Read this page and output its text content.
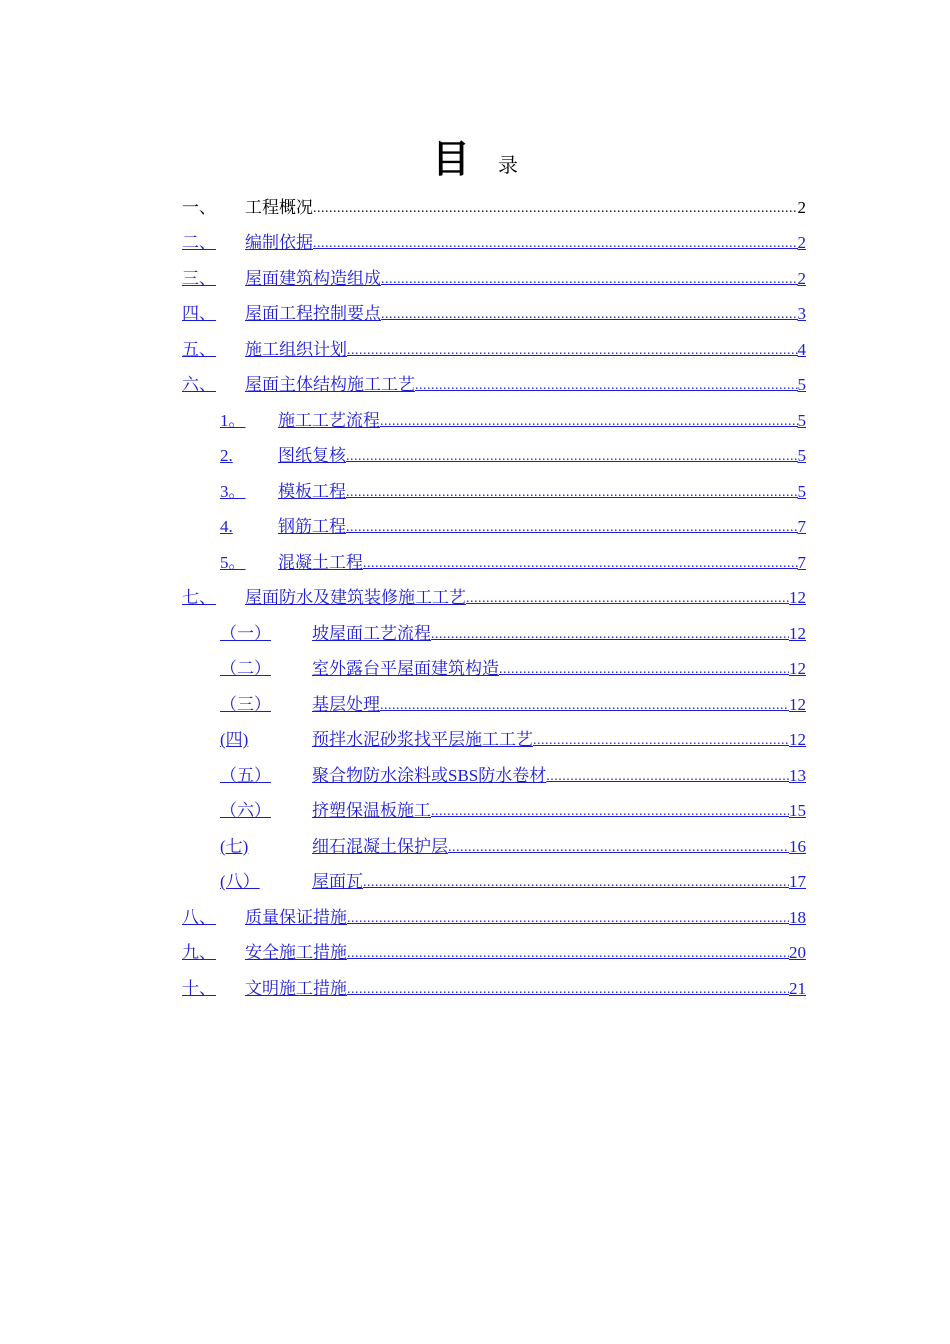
目 录
一、	工程概况 .....	2
二、	编制依据 .....	2
三、	屋面建筑构造组成 .....	2
四、	屋面工程控制要点 .....	3
五、	施工组织计划 .....	4
六、	屋面主体结构施工工艺 .....	5
1。	施工工艺流程 .....	5
2.	图纸复核 .....	5
3。	模板工程 .....	5
4.	钢筋工程 .....	7
5。	混凝土工程 .....	7
七、	屋面防水及建筑装修施工工艺 .....	12
（一）	坡屋面工艺流程 .....	12
（二）	室外露台平屋面建筑构造 .....	12
（三）	基层处理 .....	12
(四)	预拌水泥砂浆找平层施工工艺 .....	12
（五）	聚合物防水涂料或SBS防水卷材 .....	13
（六）	挤塑保温板施工 .....	15
(七)	细石混凝土保护层 .....	16
(八）	屋面瓦 .....	17
八、	质量保证措施 .....	18
九、	安全施工措施 .....	20
十、	文明施工措施 .....	21
